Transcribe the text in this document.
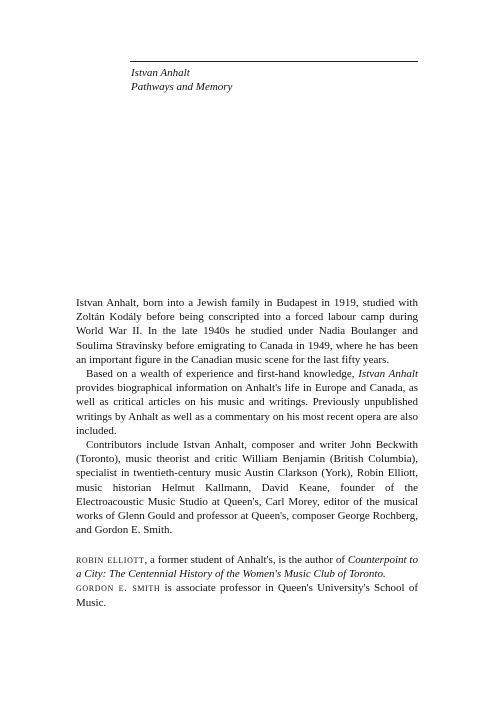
Istvan Anhalt
Pathways and Memory

Istvan Anhalt, born into a Jewish family in Budapest in 1919, studied with Zoltán Kodály before being conscripted into a forced labour camp during World War II. In the late 1940s he studied under Nadia Boulanger and Soulima Stravinsky before emigrating to Canada in 1949, where he has been an important figure in the Canadian music scene for the last fifty years.

Based on a wealth of experience and first-hand knowledge, Istvan Anhalt provides biographical information on Anhalt's life in Europe and Canada, as well as critical articles on his music and writings. Previously unpublished writings by Anhalt as well as a commentary on his most recent opera are also included.

Contributors include Istvan Anhalt, composer and writer John Beckwith (Toronto), music theorist and critic William Benjamin (British Columbia), specialist in twentieth-century music Austin Clarkson (York), Robin Elliott, music historian Helmut Kallmann, David Keane, founder of the Electroacoustic Music Studio at Queen's, Carl Morey, editor of the musical works of Glenn Gould and professor at Queen's, composer George Rochberg, and Gordon E. Smith.

robin elliott, a former student of Anhalt's, is the author of Counterpoint to a City: The Centennial History of the Women's Music Club of Toronto.

gordon e. smith is associate professor in Queen's University's School of Music.
